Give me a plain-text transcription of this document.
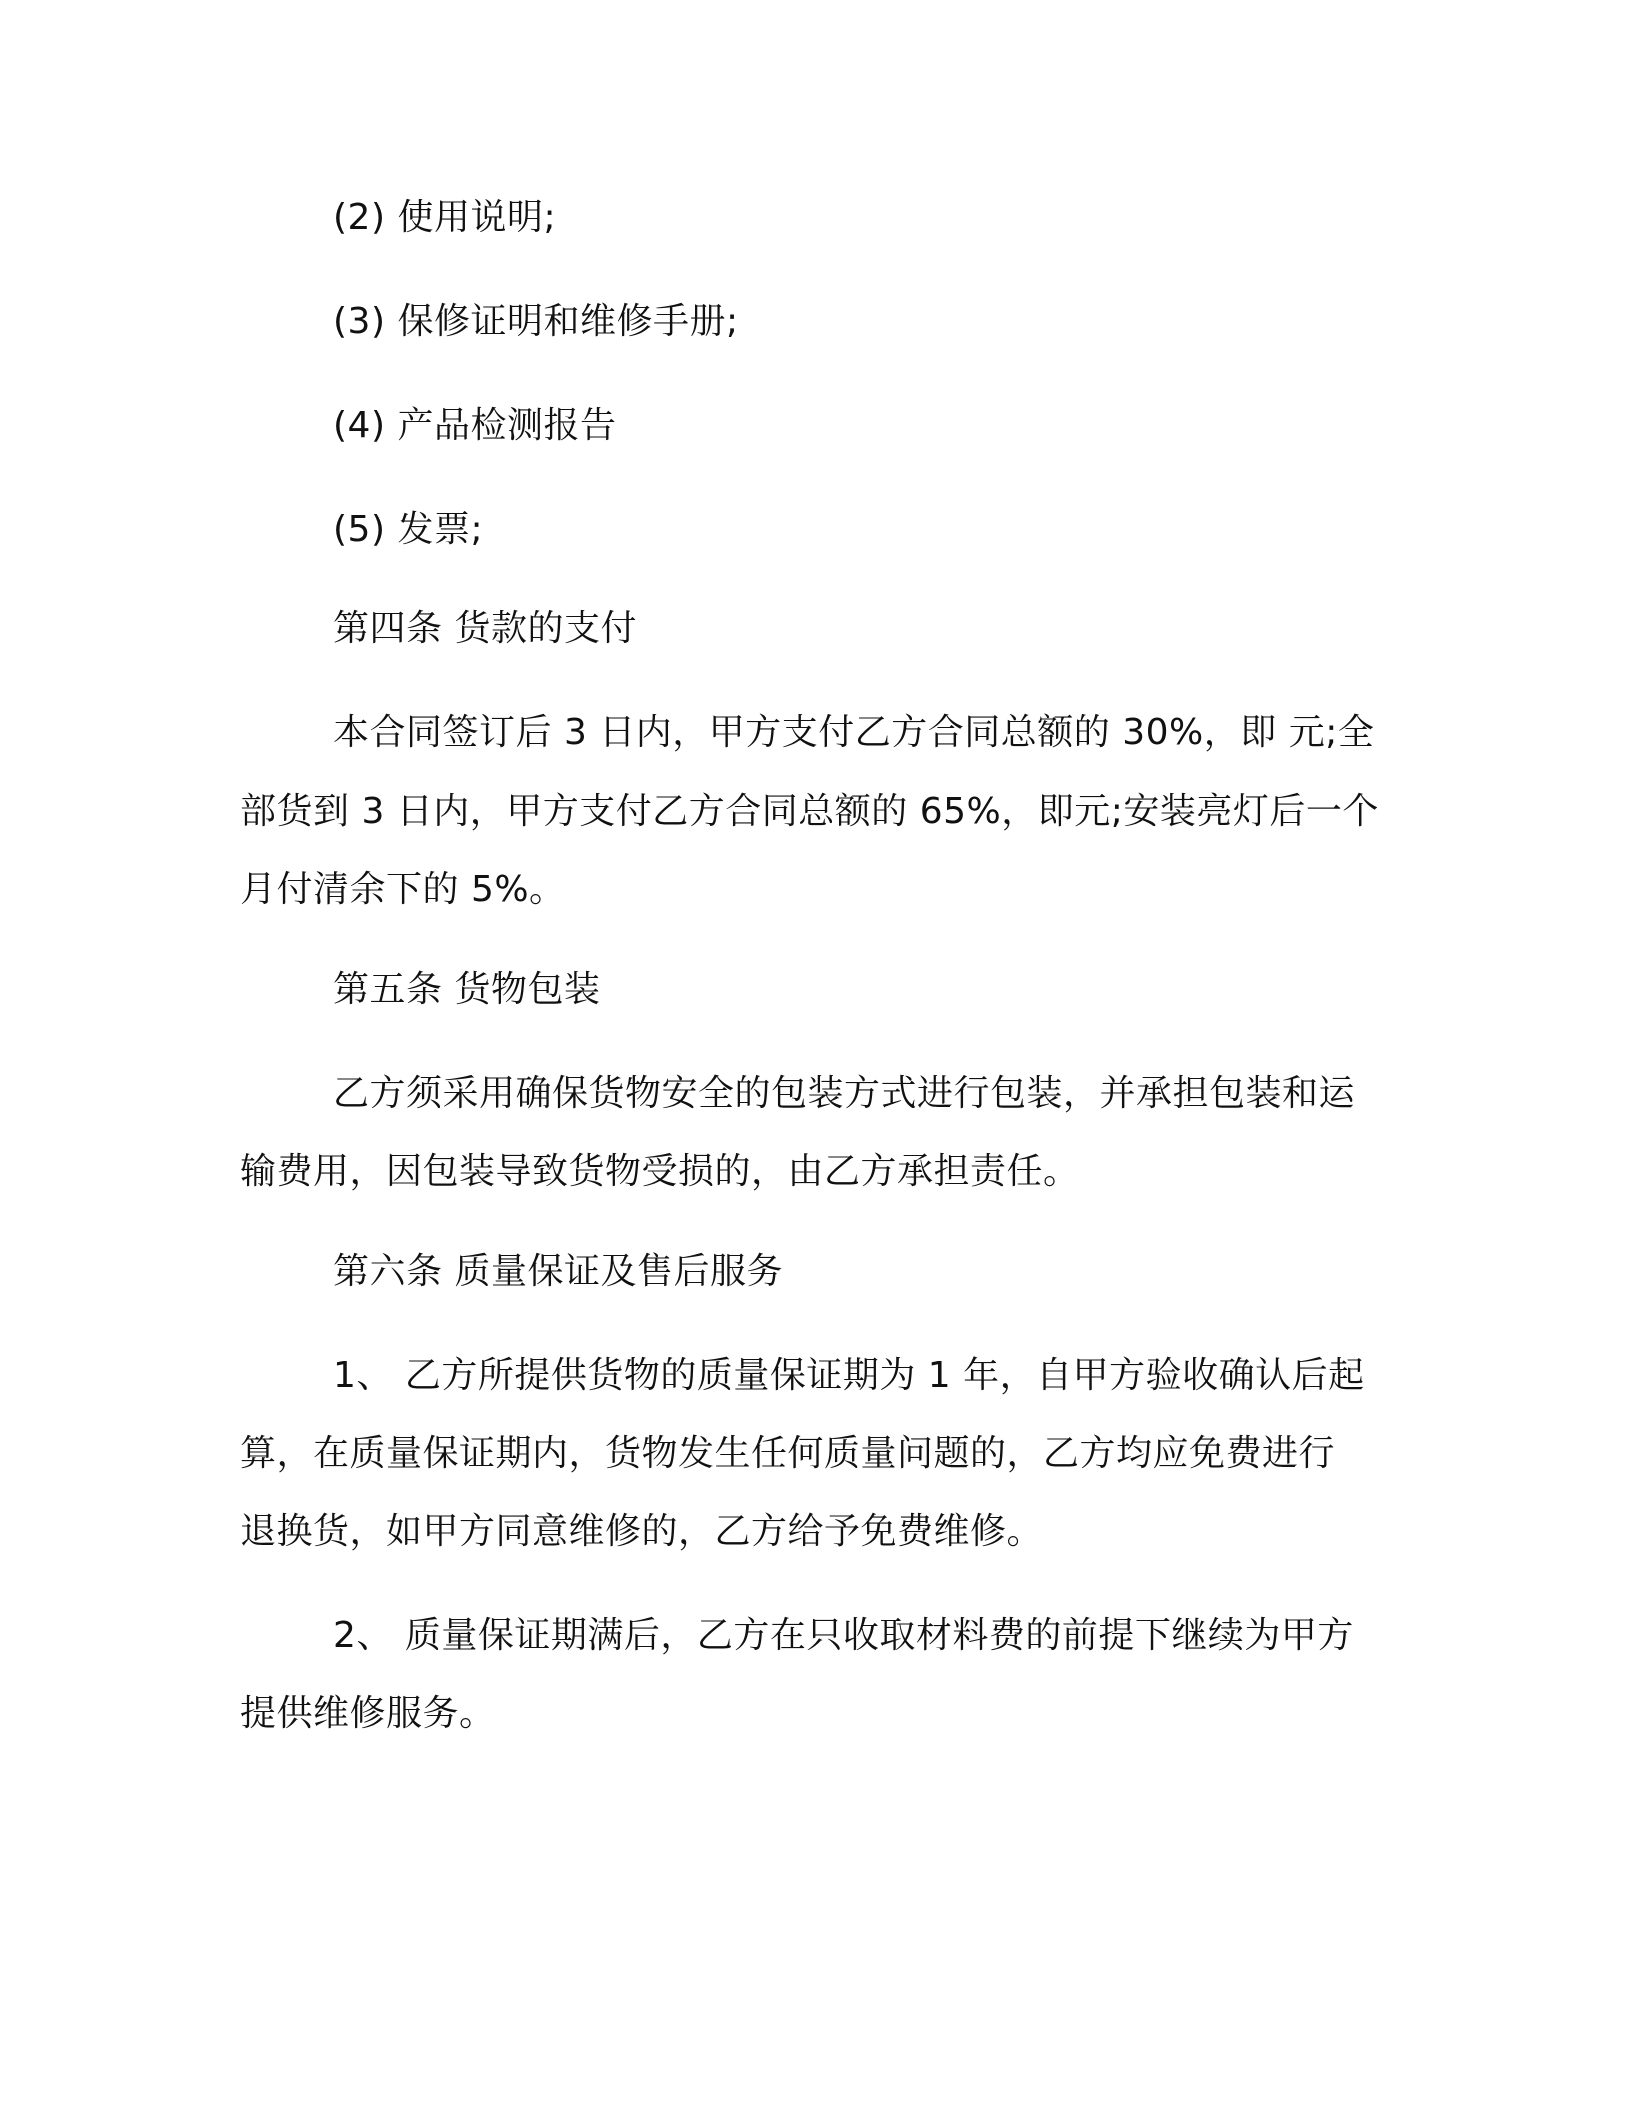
(2) 使用说明;
(3) 保修证明和维修手册;
(4) 产品检测报告
(5) 发票;
第四条 货款的支付
本合同签订后 3 日内，甲方支付乙方合同总额的 30%，即 元;全
部货到 3 日内，甲方支付乙方合同总额的 65%，即元;安装亮灯后一个
月付清余下的 5%。
第五条 货物包装
乙方须采用确保货物安全的包装方式进行包装，并承担包装和运
输费用，因包装导致货物受损的，由乙方承担责任。
第六条 质量保证及售后服务
1、 乙方所提供货物的质量保证期为 1 年，自甲方验收确认后起
算，在质量保证期内，货物发生任何质量问题的，乙方均应免费进行
退换货，如甲方同意维修的，乙方给予免费维修。
2、 质量保证期满后，乙方在只收取材料费的前提下继续为甲方
提供维修服务。
